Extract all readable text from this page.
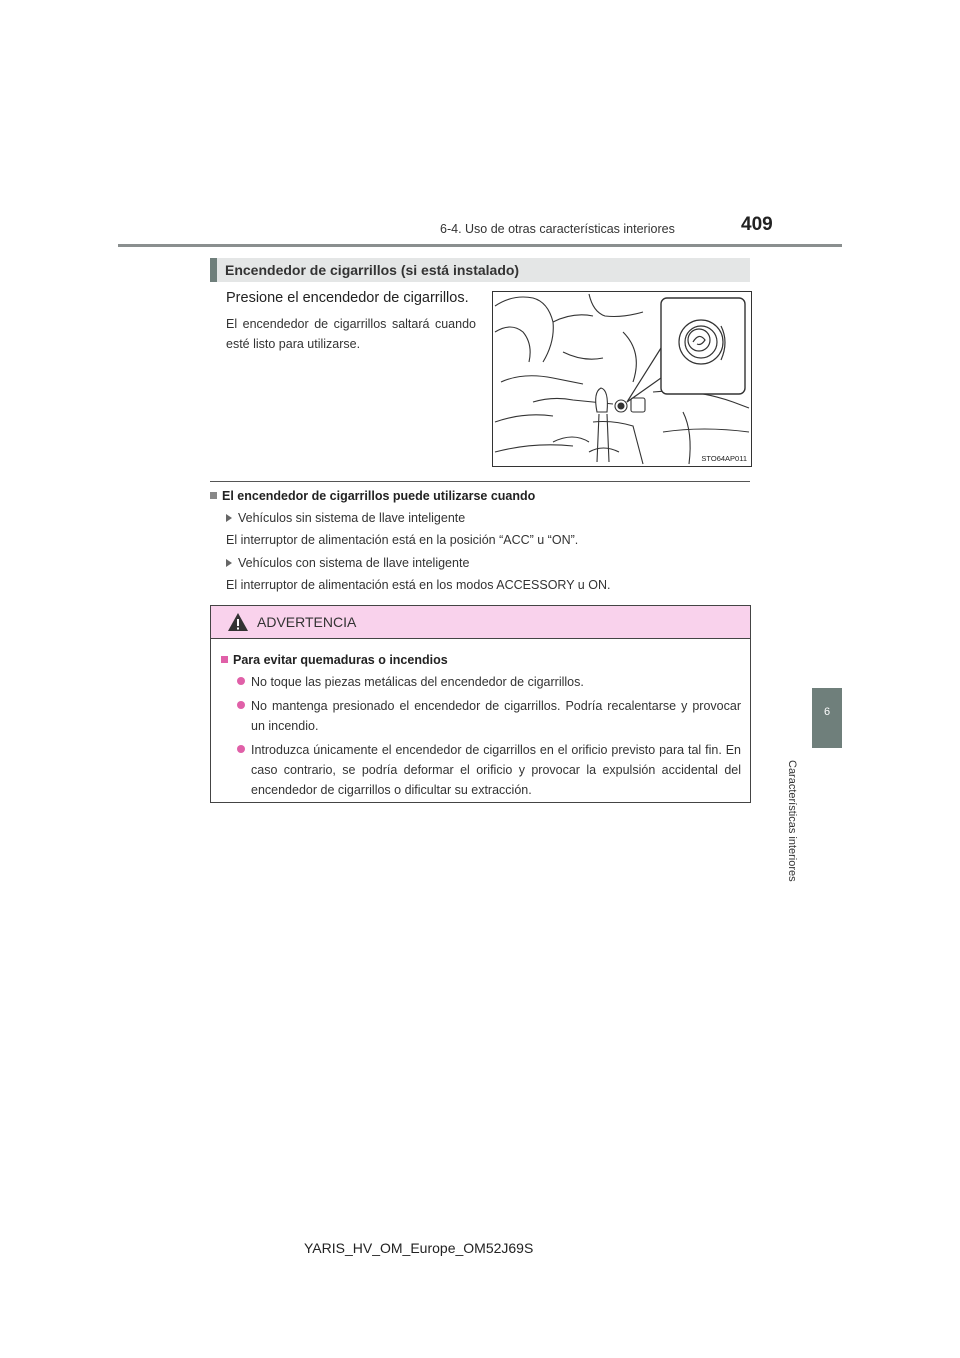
6-4. Uso de otras características interiores	409
6
Características interiores
Encendedor de cigarrillos (si está instalado)
Presione el encendedor de cigarrillos.
El encendedor de cigarrillos saltará cuando esté listo para utilizarse.
STO64AP011
El encendedor de cigarrillos puede utilizarse cuando
Vehículos sin sistema de llave inteligente
El interruptor de alimentación está en la posición “ACC” u “ON”.
Vehículos con sistema de llave inteligente
El interruptor de alimentación está en los modos ACCESSORY u ON.
ADVERTENCIA
Para evitar quemaduras o incendios
No toque las piezas metálicas del encendedor de cigarrillos.
No mantenga presionado el encendedor de cigarrillos. Podría recalentarse y provocar un incendio.
Introduzca únicamente el encendedor de cigarrillos en el orificio previsto para tal fin. En caso contrario, se podría deformar el orificio y provocar la expulsión accidental del encendedor de cigarrillos o dificultar su extracción.
YARIS_HV_OM_Europe_OM52J69S
